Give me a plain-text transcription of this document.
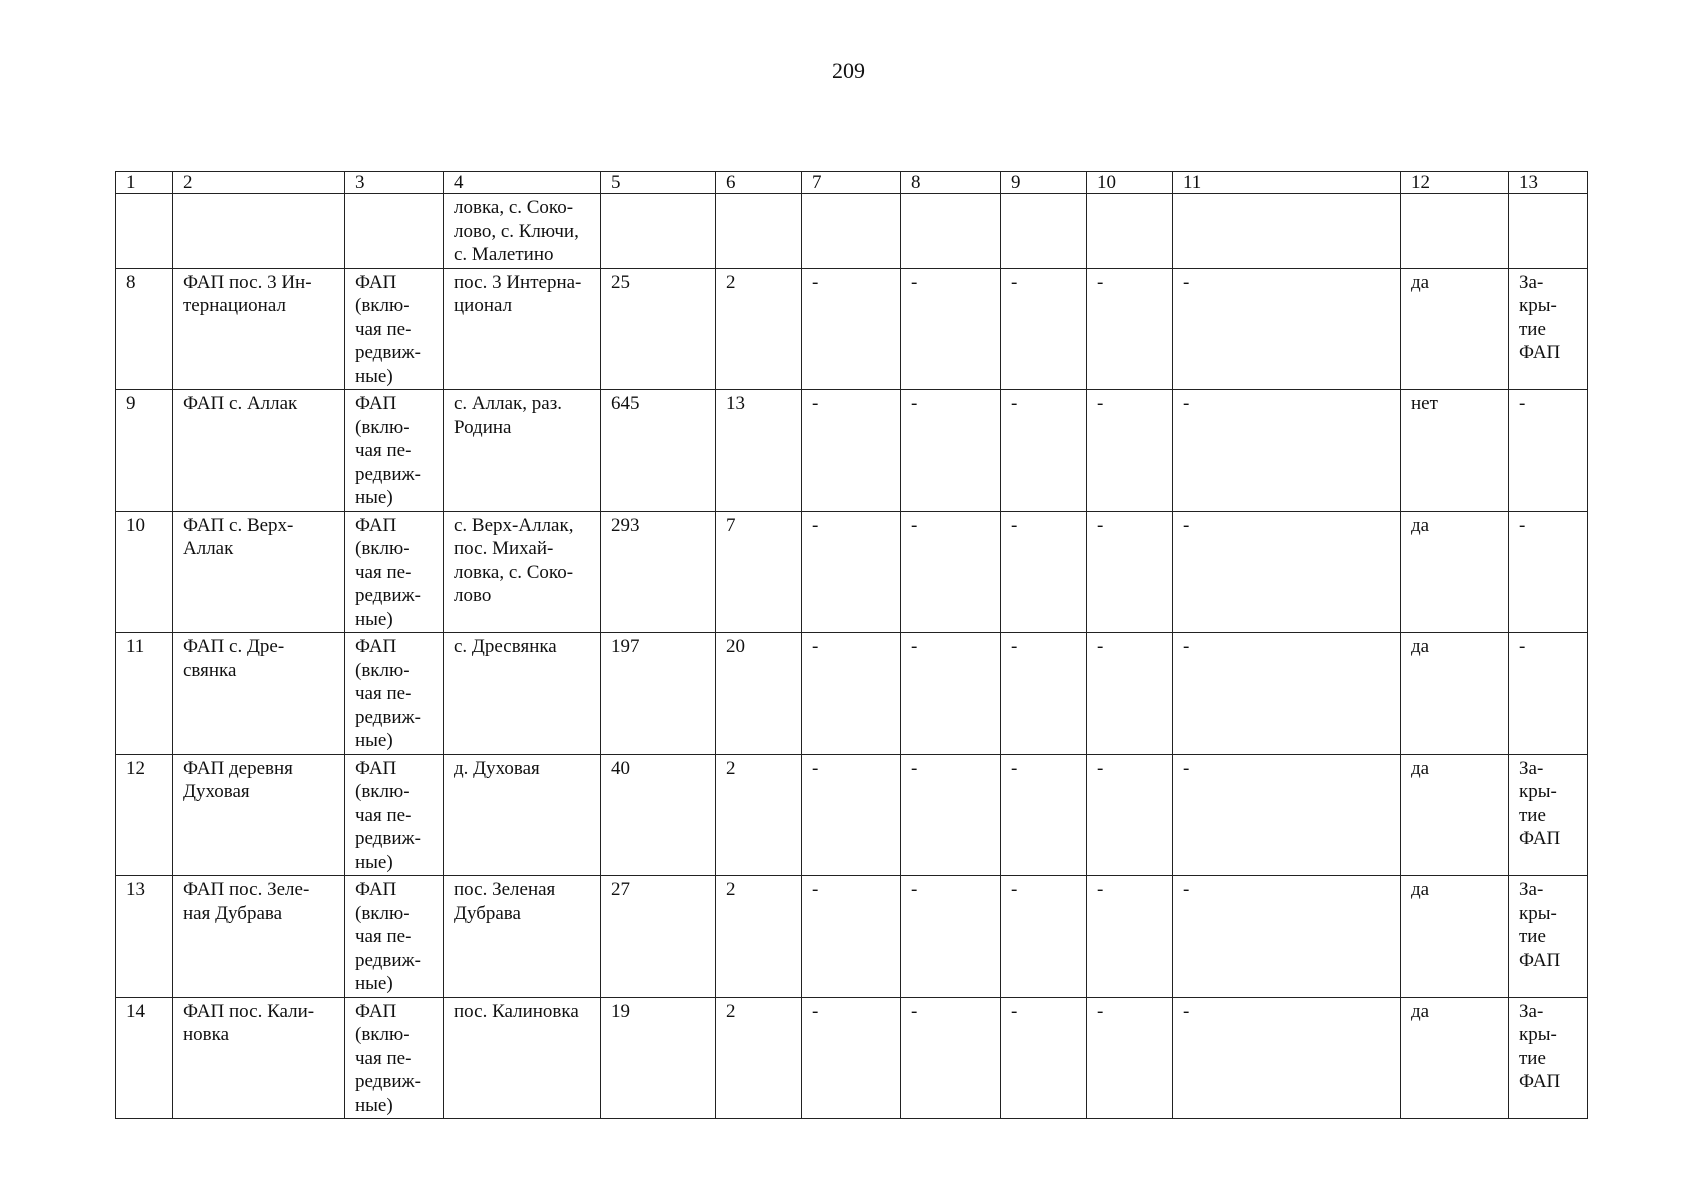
209
1	2	3	4	5	6	7	8	9	10	11	12	13
			ловка, с. Соко-
лово, с. Ключи,
с. Малетино									
8	ФАП пос. 3 Ин-
тернационал	ФАП
(вклю-
чая пе-
редвиж-
ные)	пос. 3 Интерна-
ционал	25	2	-	-	-	-	-	да	За-
кры-
тие
ФАП
9	ФАП с. Аллак	ФАП
(вклю-
чая пе-
редвиж-
ные)	с. Аллак, раз.
Родина	645	13	-	-	-	-	-	нет	-
10	ФАП с. Верх-
Аллак	ФАП
(вклю-
чая пе-
редвиж-
ные)	с. Верх-Аллак,
пос. Михай-
ловка, с. Соко-
лово	293	7	-	-	-	-	-	да	-
11	ФАП с. Дре-
свянка	ФАП
(вклю-
чая пе-
редвиж-
ные)	с. Дресвянка	197	20	-	-	-	-	-	да	-
12	ФАП деревня
Духовая	ФАП
(вклю-
чая пе-
редвиж-
ные)	д. Духовая	40	2	-	-	-	-	-	да	За-
кры-
тие
ФАП
13	ФАП пос. Зеле-
ная Дубрава	ФАП
(вклю-
чая пе-
редвиж-
ные)	пос. Зеленая
Дубрава	27	2	-	-	-	-	-	да	За-
кры-
тие
ФАП
14	ФАП пос. Кали-
новка	ФАП
(вклю-
чая пе-
редвиж-
ные)	пос. Калиновка	19	2	-	-	-	-	-	да	За-
кры-
тие
ФАП
